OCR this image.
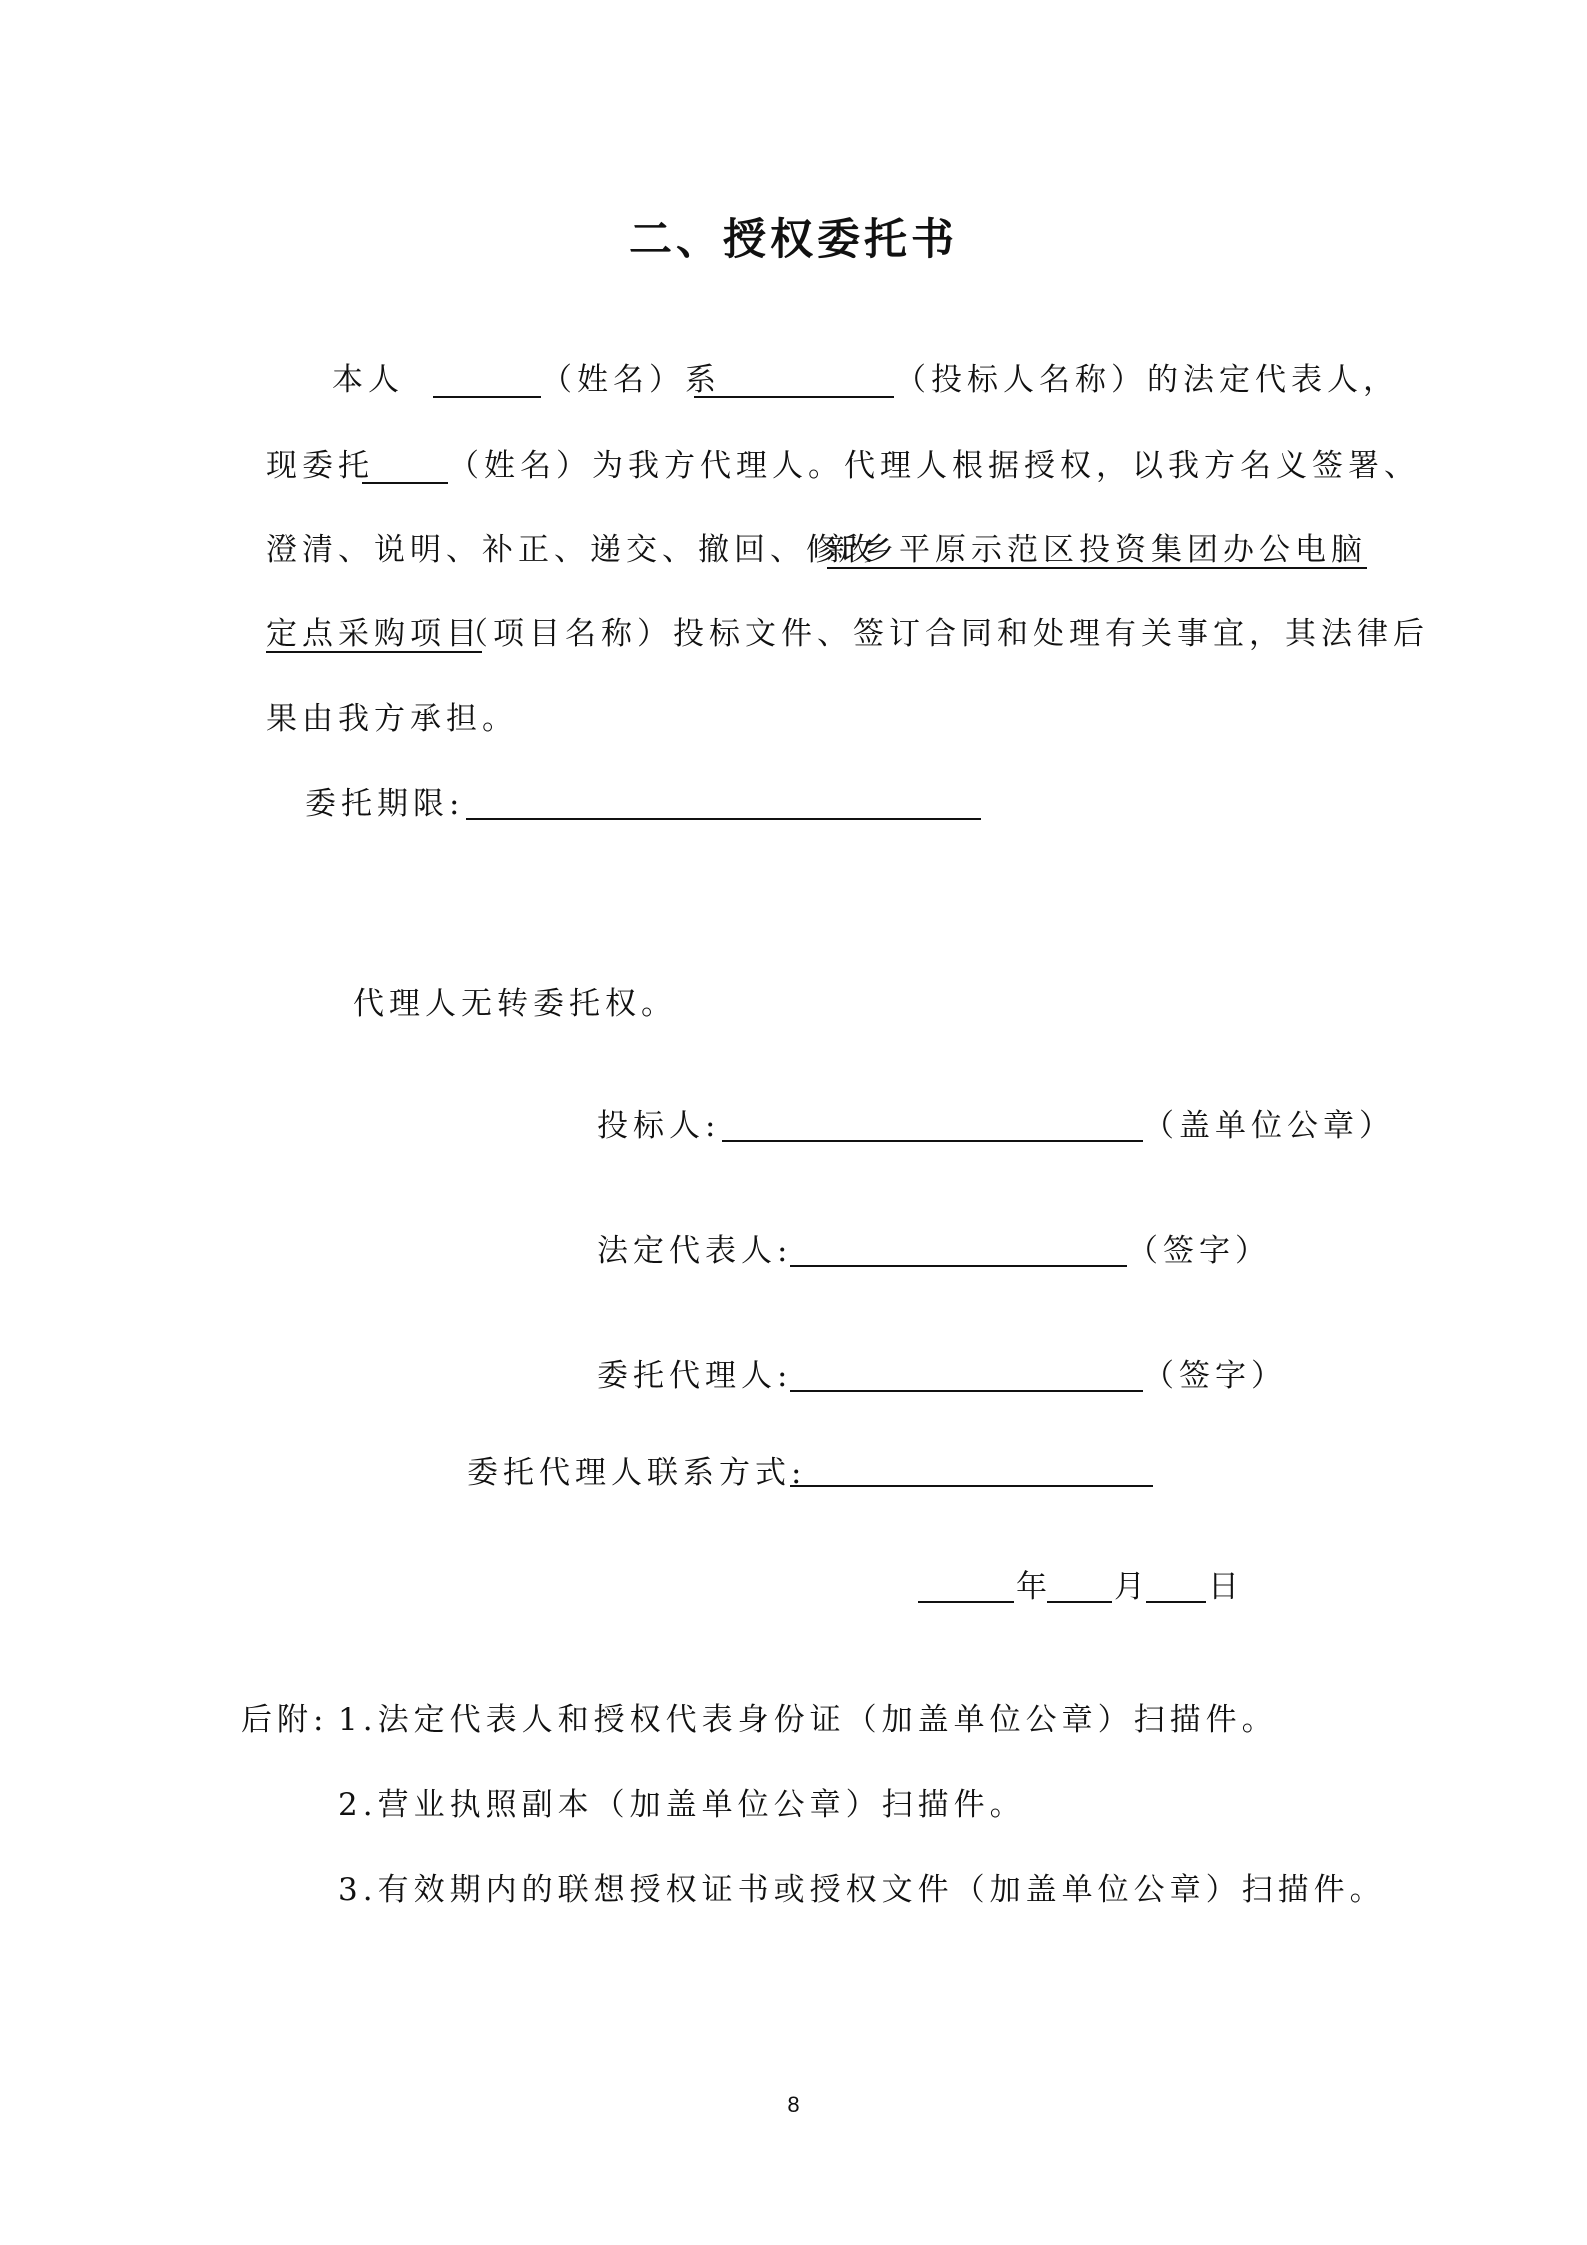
二、授权委托书
本人	（姓名）系	（投标人名称）的法定代表人，
现委托 （姓名）为我方代理人。代理人根据授权，以我方名义签署、
澄清、说明、补正、递交、撤回、修改
新乡平原示范区投资集团办公电脑
定点采购项目
（项目名称）投标文件、签订合同和处理有关事宜，其法律后
果由我方承担。
委托期限:
代理人无转委托权。
投标人:	（盖单位公章）
法定代表人:	（签字）
委托代理人:	（签字）
委托代理人联系方式:
年 月 日
后附: 1.法定代表人和授权代表身份证（加盖单位公章）扫描件。
2.营业执照副本（加盖单位公章）扫描件。
3.有效期内的联想授权证书或授权文件（加盖单位公章）扫描件。
8
